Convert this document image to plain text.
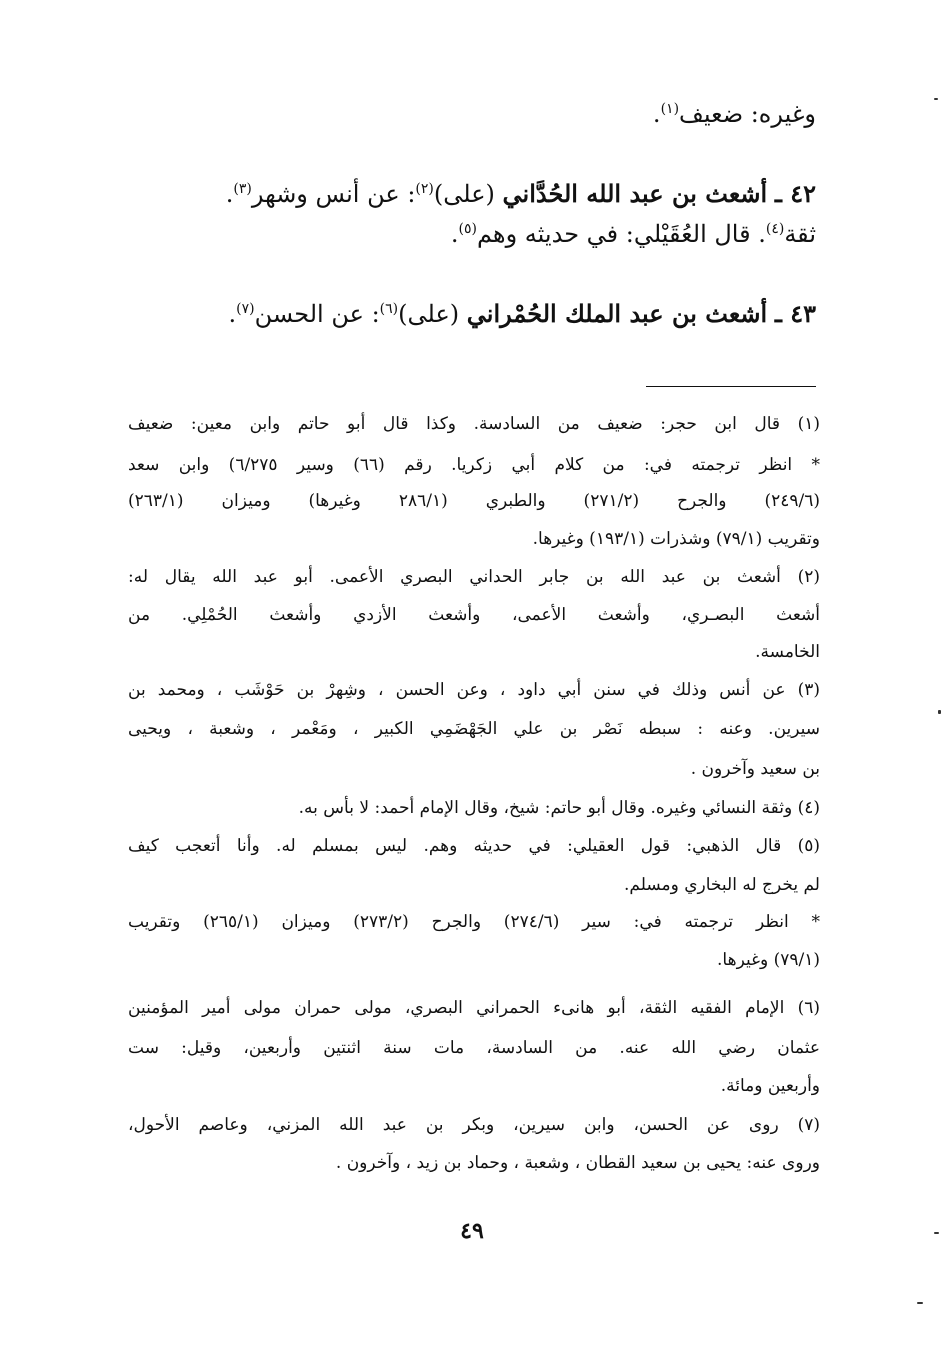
وغيره: ضعيف$^{(١)}$.
٤٢ ـ أشعث بن عبد الله الحُدَّاني (علی)$^{(٢)}$: عن أنس وشهر$^{(٣)}$.
ثقة$^{(٤)}$. قال العُقَيْلي: في حديثه وهم$^{(٥)}$.
٤٣ ـ أشعث بن عبد الملك الحُمْراني (علی)$^{(٦)}$: عن الحسن$^{(٧)}$.
(١) قال ابن حجر: ضعيف من السادسة. وكذا قال أبو حاتم وابن معين: ضعيف
* انظر ترجمته في: من كلام أبي زكريا. رقم (٦٦) وسير ٦/٢٧٥) وابن سعد
(٢٤٩/٦) والجرح (٢٧١/٢) والطبري (٢٨٦/١ وغيرها) وميزان (٢٦٣/١)
وتقريب (٧٩/١) وشذرات (١٩٣/١) وغيرها.
(٢) أشعث بن عبد الله بن جابر الحداني البصري الأعمى. أبو عبد الله يقال له:
أشعث البصـري، وأشعث الأعمى، وأشعث الأزدي وأشعث الحُمْلِي. من
الخامسة.
(٣) عن أنس وذلك في سنن أبي داود ، وعن الحسن ، وشِهرْ بن حَوْشَب ، ومحمد بن
سيرين. وعنه : سبطه نَصْر بن علي الجَهْضَمِي الكبير ، ومَعْمر ، وشعبة ، ويحيى
بن سعيد وآخرون .
(٤) وثقة النسائي وغيره. وقال أبو حاتم: شيخ، وقال الإمام أحمد: لا بأس به.
(٥) قال الذهبي: قول العقيلي: في حديثه وهم. ليس بمسلم له. وأنا أتعجب كيف
لم يخرج له البخاري ومسلم.
* انظر ترجمته في: سير (٢٧٤/٦) والجرح (٢٧٣/٢) وميزان (٢٦٥/١) وتقريب
(٧٩/١) وغيرها.
(٦) الإمام الفقيه الثقة، أبو هانىء الحمراني البصري، مولى حمران مولى أمير المؤمنين
عثمان رضي الله عنه. من السادسة، مات سنة اثنتين وأربعين، وقيل: ست
وأربعين ومائة.
(٧) روى عن الحسن، وابن سيرين، وبكر بن عبد الله المزني، وعاصم الأحول،
وروى عنه: يحيى بن سعيد القطان ، وشعبة ، وحماد بن زيد ، وآخرون .
٤٩
